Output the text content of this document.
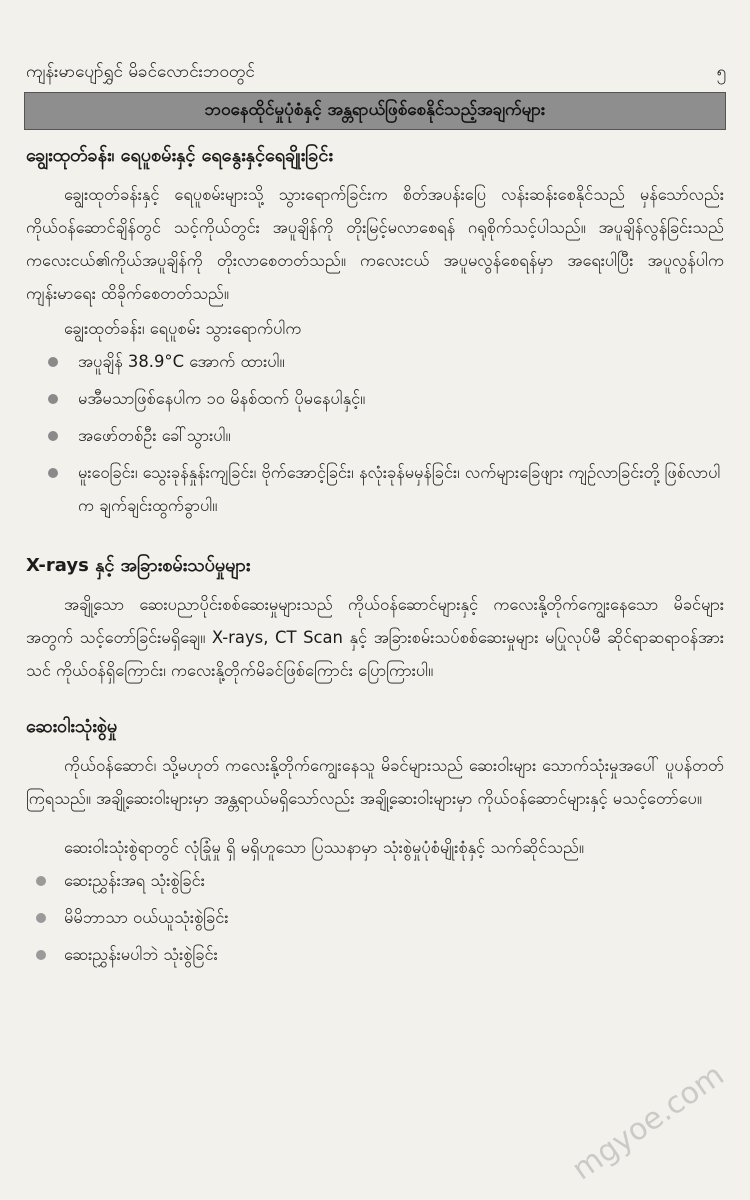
ကျန်းမာပျော်ရွှင် မိခင်လောင်းဘဝတွင်	၅
ဘဝနေထိုင်မှုပုံစံနှင့် အန္တရာယ်ဖြစ်စေနိုင်သည့်အချက်များ

ချွေးထုတ်ခန်း၊ ရေပူစမ်းနှင့် ရေနွေးနှင့်ရေချိုးခြင်း

ချွေးထုတ်ခန်းနှင့် ရေပူစမ်းများသို့ သွားရောက်ခြင်းက စိတ်အပန်းပြေ လန်းဆန်းစေနိုင်သည် မှန်သော်လည်း ကိုယ်ဝန်ဆောင်ချိန်တွင် သင့်ကိုယ်တွင်း အပူချိန်ကို တိုးမြင့်မလာစေရန် ဂရုစိုက်သင့်ပါသည်။ အပူချိန်လွန်ခြင်းသည် ကလေးငယ်၏ကိုယ်အပူချိန်ကို တိုးလာစေတတ်သည်။ ကလေးငယ် အပူမလွန်စေရန်မှာ အရေးပါပြီး အပူလွန်ပါက ကျန်းမာရေး ထိခိုက်စေတတ်သည်။

ချွေးထုတ်ခန်း၊ ရေပူစမ်း သွားရောက်ပါက

အပူချိန် 38.9°C အောက် ထားပါ။
မအီမသာဖြစ်နေပါက ၁၀ မိနစ်ထက် ပိုမနေပါနှင့်။
အဖော်တစ်ဦး ခေါ်သွားပါ။
မူးဝေခြင်း၊ သွေးခုန်နှုန်းကျခြင်း၊ ဗိုက်အောင့်ခြင်း၊ နလုံးခုန်မမှန်ခြင်း၊ လက်များခြေဖျား ကျဉ်လာခြင်းတို့ ဖြစ်လာပါက ချက်ချင်းထွက်ခွာပါ။

X-rays နှင့် အခြားစမ်းသပ်မှုများ

အချို့သော ဆေးပညာပိုင်းစစ်ဆေးမှုများသည် ကိုယ်ဝန်ဆောင်များနှင့် ကလေးနို့တိုက်ကျွေးနေသော မိခင်များအတွက် သင့်တော်ခြင်းမရှိချေ။ X-rays, CT Scan နှင့် အခြားစမ်းသပ်စစ်ဆေးမှုများ မပြုလုပ်မီ ဆိုင်ရာဆရာဝန်အား သင် ကိုယ်ဝန်ရှိကြောင်း၊ ကလေးနို့တိုက်မိခင်ဖြစ်ကြောင်း ပြောကြားပါ။

ဆေးဝါးသုံးစွဲမှု

ကိုယ်ဝန်ဆောင်၊ သို့မဟုတ် ကလေးနို့တိုက်ကျွေးနေသူ မိခင်များသည် ဆေးဝါးများ သောက်သုံးမှုအပေါ် ပူပန်တတ်ကြရသည်။ အချို့ဆေးဝါးများမှာ အန္တရာယ်မရှိသော်လည်း အချို့ဆေးဝါးများမှာ ကိုယ်ဝန်ဆောင်များနှင့် မသင့်တော်ပေ။

ဆေးဝါးသုံးစွဲရာတွင် လုံခြုံမှု ရှိ မရှိဟူသော ပြဿနာမှာ သုံးစွဲမှုပုံစံမျိုးစုံနှင့် သက်ဆိုင်သည်။

ဆေးညွှန်းအရ သုံးစွဲခြင်း
မိမိဘာသာ ဝယ်ယူသုံးစွဲခြင်း
ဆေးညွှန်းမပါဘဲ သုံးစွဲခြင်း
mgyoe.com
